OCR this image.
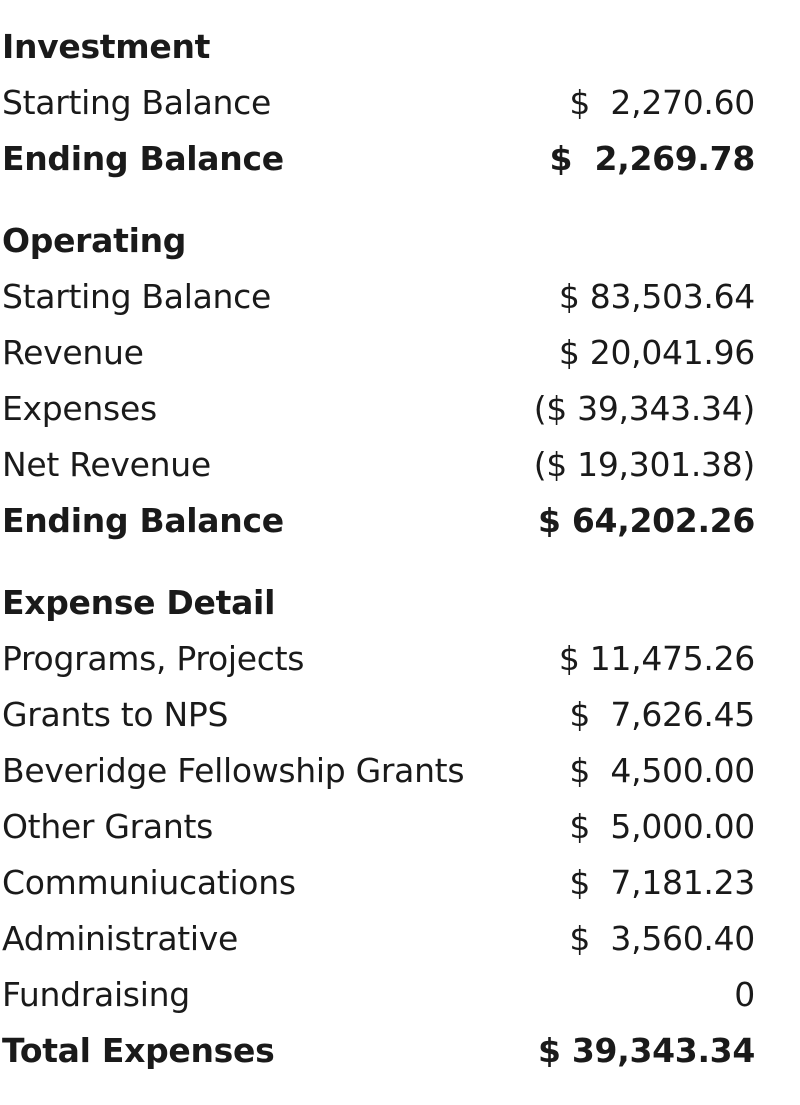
Investment
Starting Balance	$  2,270.60
Ending Balance	$  2,269.78
Operating
Starting Balance	$ 83,503.64
Revenue	$ 20,041.96
Expenses	($ 39,343.34)
Net Revenue	($ 19,301.38)
Ending Balance	$ 64,202.26
Expense Detail
Programs, Projects	$ 11,475.26
Grants to NPS	$  7,626.45
Beveridge Fellowship Grants	$  4,500.00
Other Grants	$  5,000.00
Communiucations	$  7,181.23
Administrative	$  3,560.40
Fundraising	0
Total Expenses	$ 39,343.34
